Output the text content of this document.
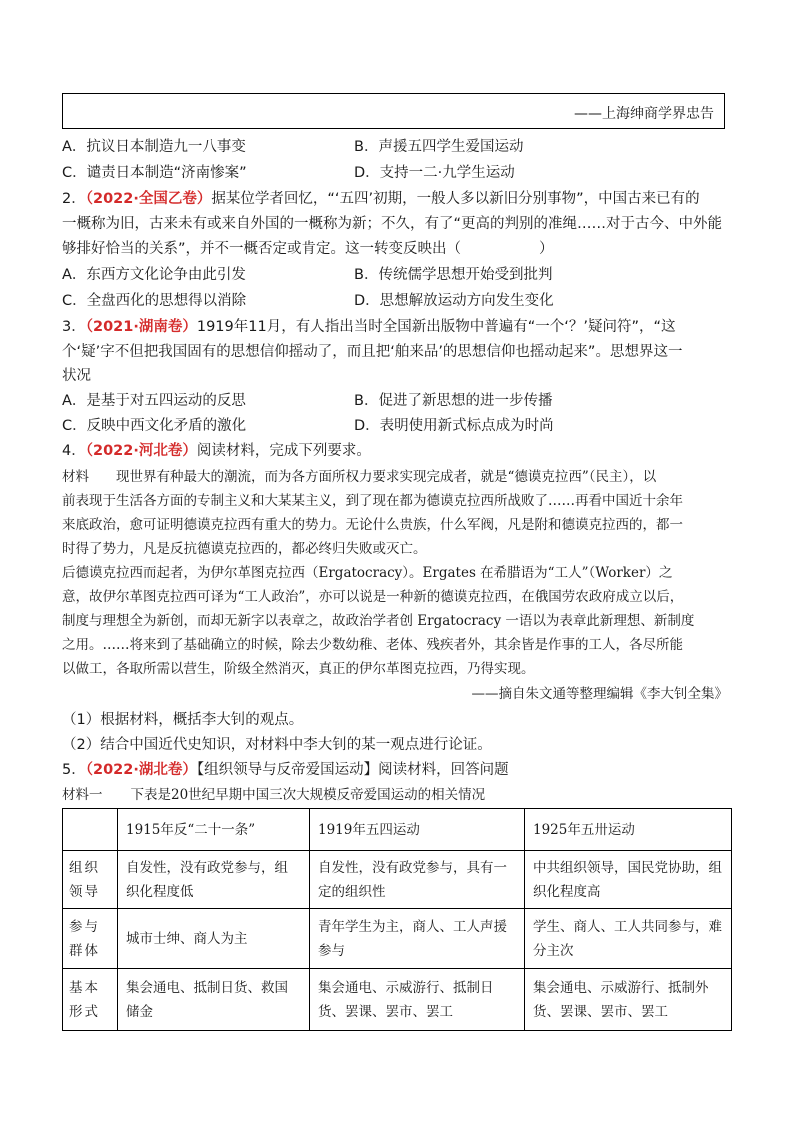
——上海绅商学界忠告
A．抗议日本制造九一八事变	B．声援五四学生爱国运动
C．谴责日本制造“济南惨案”	D．支持一二·九学生运动
2．（2022·全国乙卷）据某位学者回忆，“‘五四’初期，一般人多以新旧分别事物”，中国古来已有的
一概称为旧，古来未有或来自外国的一概称为新；不久，有了“更高的判别的准绳……对于古今、中外能
够排好恰当的关系”，并不一概否定或肯定。这一转变反映出（	）
A．东西方文化论争由此引发	B．传统儒学思想开始受到批判
C．全盘西化的思想得以消除	D．思想解放运动方向发生变化
3．（2021·湖南卷）1919年11月，有人指出当时全国新出版物中普遍有“一个‘？’疑问符”，“这
个‘疑’字不但把我国固有的思想信仰摇动了，而且把‘舶来品’的思想信仰也摇动起来”。思想界这一
状况
A．是基于对五四运动的反思	B．促进了新思想的进一步传播
C．反映中西文化矛盾的激化	D．表明使用新式标点成为时尚
4．（2022·河北卷）阅读材料，完成下列要求。
材料　　现世界有种最大的潮流，而为各方面所权力要求实现完成者，就是“德谟克拉西”（民主），以
前表现于生活各方面的专制主义和大某某主义，到了现在都为德谟克拉西所战败了……再看中国近十余年
来底政治，愈可证明德谟克拉西有重大的势力。无论什么贵族，什么军阀，凡是附和德谟克拉西的，都一
时得了势力，凡是反抗德谟克拉西的，都必终归失败或灭亡。
后德谟克拉西而起者，为伊尔革图克拉西（Ergatocracy）。Ergates 在希腊语为“工人”（Worker）之
意，故伊尔革图克拉西可译为“工人政治”，亦可以说是一种新的德谟克拉西，在俄国劳农政府成立以后，
制度与理想全为新创，而却无新字以表章之，故政治学者创 Ergatocracy 一语以为表章此新理想、新制度
之用。……将来到了基础确立的时候，除去少数幼稚、老体、残疾者外，其余皆是作事的工人，各尽所能
以做工，各取所需以营生，阶级全然消灭，真正的伊尔革图克拉西，乃得实现。
——摘自朱文通等整理编辑《李大钊全集》
（1）根据材料，概括李大钊的观点。
（2）结合中国近代史知识，对材料中李大钊的某一观点进行论证。
5．（2022·湖北卷）【组织领导与反帝爱国运动】阅读材料，回答问题
材料一 下表是20世纪早期中国三次大规模反帝爱国运动的相关情况
	1915年反“二十一条”	1919年五四运动	1925年五卅运动
组织
领导	自发性，没有政党参与，组织化程度低	自发性，没有政党参与，具有一定的组织性	中共组织领导，国民党协助，组织化程度高
参与
群体	城市士绅、商人为主	青年学生为主，商人、工人声援参与	学生、商人、工人共同参与，难分主次
基本
形式	集会通电、抵制日货、救国储金	集会通电、示威游行、抵制日货、罢课、罢市、罢工	集会通电、示威游行、抵制外货、罢课、罢市、罢工
